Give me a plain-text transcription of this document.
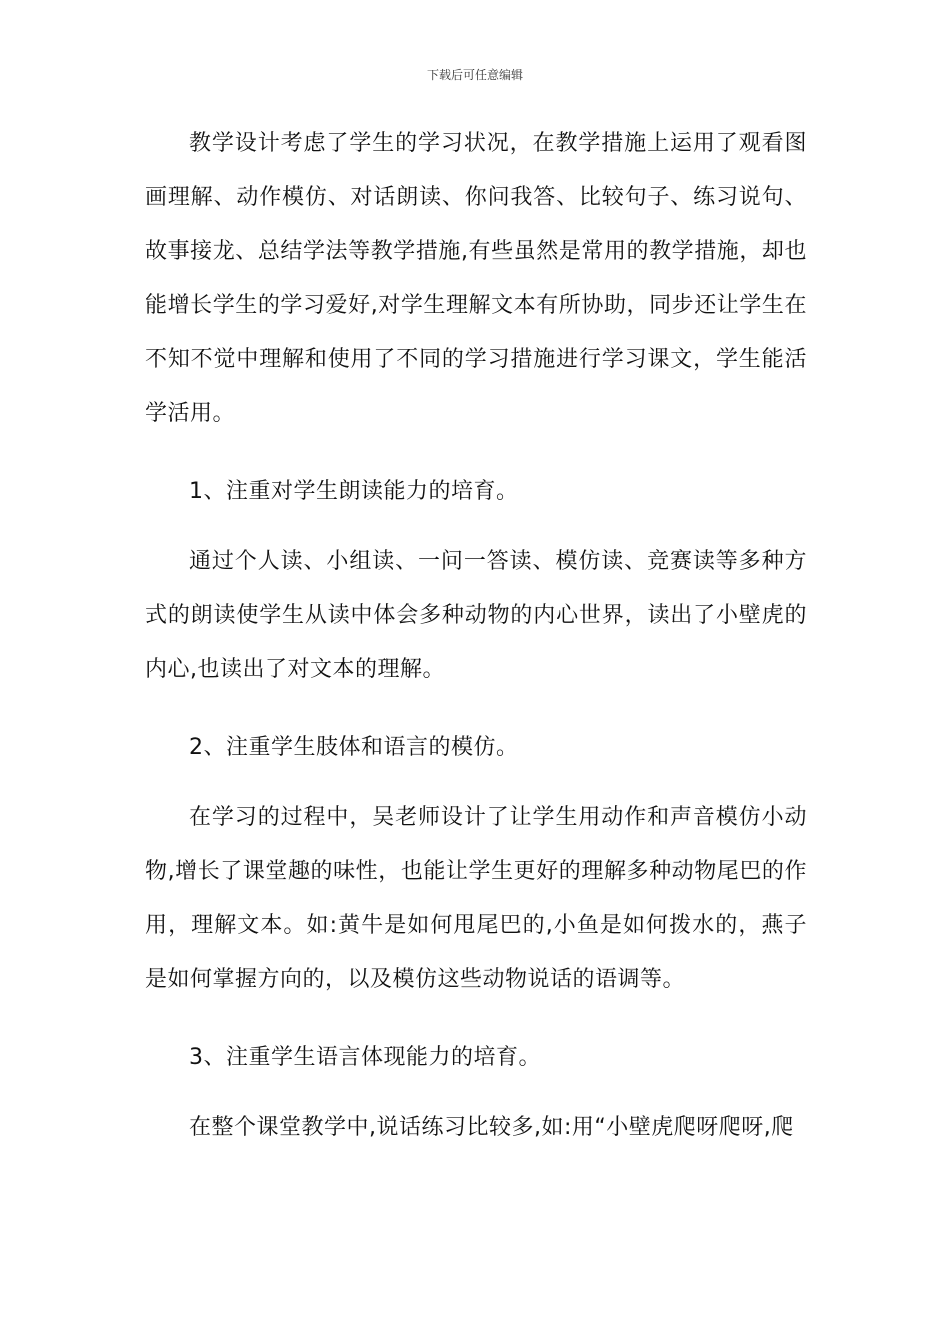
下载后可任意编辑

教学设计考虑了学生的学习状况，在教学措施上运用了观看图画理解、动作模仿、对话朗读、你问我答、比较句子、练习说句、故事接龙、总结学法等教学措施,有些虽然是常用的教学措施，却也能增长学生的学习爱好,对学生理解文本有所协助，同步还让学生在不知不觉中理解和使用了不同的学习措施进行学习课文，学生能活学活用。

1、注重对学生朗读能力的培育。

通过个人读、小组读、一问一答读、模仿读、竞赛读等多种方式的朗读使学生从读中体会多种动物的内心世界，读出了小壁虎的内心,也读出了对文本的理解。

2、注重学生肢体和语言的模仿。

在学习的过程中，吴老师设计了让学生用动作和声音模仿小动物,增长了课堂趣的味性，也能让学生更好的理解多种动物尾巴的作用，理解文本。如:黄牛是如何甩尾巴的,小鱼是如何拨水的，燕子是如何掌握方向的，以及模仿这些动物说话的语调等。

3、注重学生语言体现能力的培育。

在整个课堂教学中,说话练习比较多,如:用“小壁虎爬呀爬呀,爬
